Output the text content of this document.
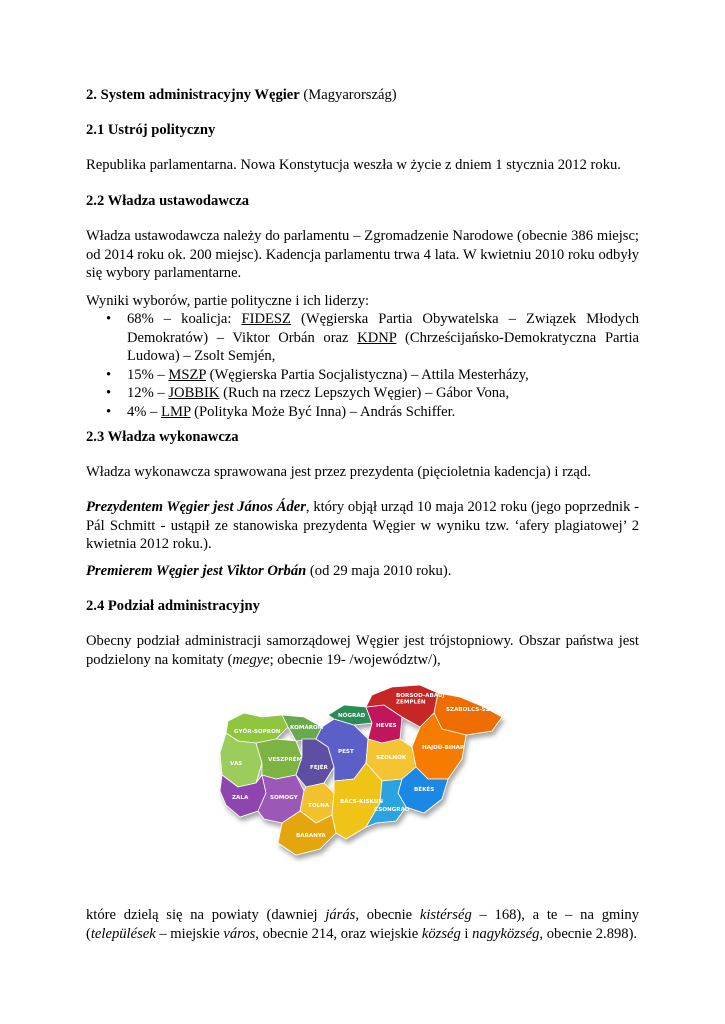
2. System administracyjny Węgier (Magyarország)

2.1 Ustrój polityczny

Republika parlamentarna. Nowa Konstytucja weszła w życie z dniem 1 stycznia 2012 roku.

2.2 Władza ustawodawcza

Władza ustawodawcza należy do parlamentu – Zgromadzenie Narodowe (obecnie 386 miejsc; od 2014 roku ok. 200 miejsc). Kadencja parlamentu trwa 4 lata. W kwietniu 2010 roku odbyły się wybory parlamentarne.

Wyniki wyborów, partie polityczne i ich liderzy:

• 68% – koalicja: FIDESZ (Węgierska Partia Obywatelska – Związek Młodych Demokratów) – Viktor Orbán oraz KDNP (Chrześcijańsko-Demokratyczna Partia Ludowa) – Zsolt Semjén,
• 15% – MSZP (Węgierska Partia Socjalistyczna) – Attila Mesterházy,
• 12% – JOBBIK (Ruch na rzecz Lepszych Węgier) – Gábor Vona,
• 4% – LMP (Polityka Może Być Inna) – András Schiffer.

2.3 Władza wykonawcza

Władza wykonawcza sprawowana jest przez prezydenta (pięcioletnia kadencja) i rząd.

Prezydentem Węgier jest János Áder, który objął urząd 10 maja 2012 roku (jego poprzednik - Pál Schmitt - ustąpił ze stanowiska prezydenta Węgier w wyniku tzw. ‘afery plagiatowej’ 2 kwietnia 2012 roku.).

Premierem Węgier jest Viktor Orbán (od 29 maja 2010 roku).

2.4 Podział administracyjny

Obecny podział administracji samorządowej Węgier jest trójstopniowy. Obszar państwa jest podzielony na komitaty (megye; obecnie 19- /województw/),

które dzielą się na powiaty (dawniej járás, obecnie kistérség – 168), a te – na gminy (települések – miejskie város, obecnie 214, oraz wiejskie község i nagyközség, obecnie 2.898).

GYŐR-SOPRON
KOMÁROM
VAS
VESZPRÉM
ZALA	SOMOGY
FEJÉR
TOLNA
BARANYA
PEST
NÓGRÁD
HEVES
BORSOD-ABAÚJ ZEMPLÉN
SZABOLCS-SZATMÁR
HAJDÚ-BIHAR
SZOLNOK
BÁCS-KISKUN
BÉKÉS
CSONGRÁD
